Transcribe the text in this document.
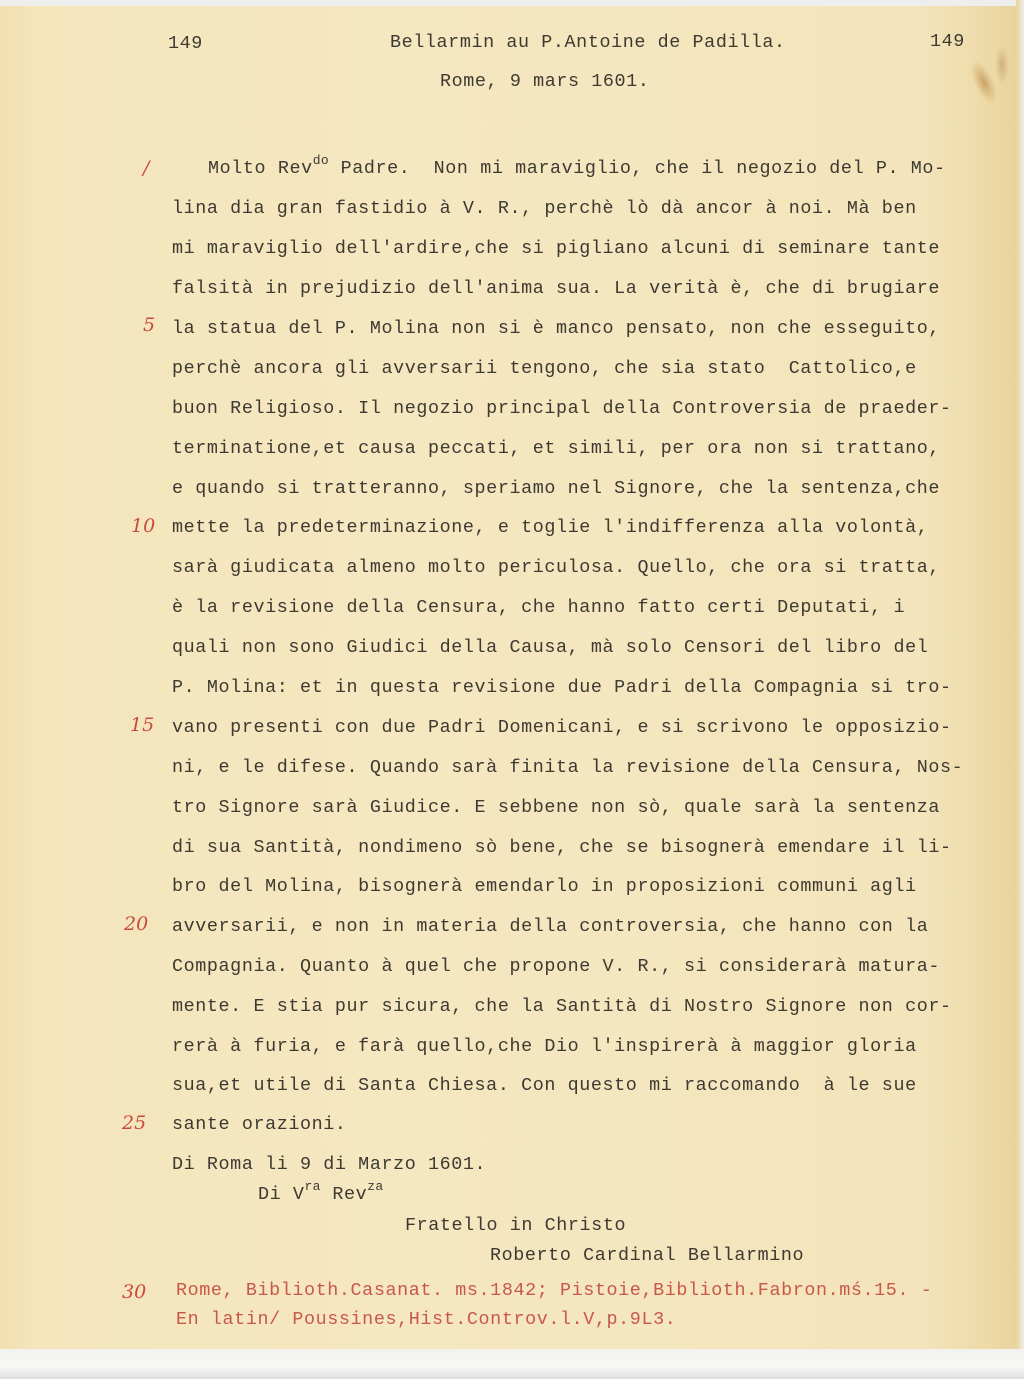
149	Bellarmin au P.Antoine de Padilla.	149
Rome, 9 mars 1601.
/
5
10
15
20
25
30
Molto Rev$^{do}$ Padre.  Non mi maraviglio, che il negozio del P. Mo-
lina dia gran fastidio à V. R., perchè lò dà ancor à noi. Mà ben
mi maraviglio dell'ardire,che si pigliano alcuni di seminare tante
falsità in prejudizio dell'anima sua. La verità è, che di brugiare
la statua del P. Molina non si è manco pensato, non che esseguito,
perchè ancora gli avversarii tengono, che sia stato  Cattolico,e
buon Religioso. Il negozio principal della Controversia de praeder-
terminatione,et causa peccati, et simili, per ora non si trattano,
e quando si tratteranno, speriamo nel Signore, che la sentenza,che
mette la predeterminazione, e toglie l'indifferenza alla volontà,
sarà giudicata almeno molto periculosa. Quello, che ora si tratta,
è la revisione della Censura, che hanno fatto certi Deputati, i
quali non sono Giudici della Causa, mà solo Censori del libro del
P. Molina: et in questa revisione due Padri della Compagnia si tro-
vano presenti con due Padri Domenicani, e si scrivono le opposizio-
ni, e le difese. Quando sarà finita la revisione della Censura, Nos-
tro Signore sarà Giudice. E sebbene non sò, quale sarà la sentenza
di sua Santità, nondimeno sò bene, che se bisognerà emendare il li-
bro del Molina, bisognerà emendarlo in proposizioni communi agli
avversarii, e non in materia della controversia, che hanno con la
Compagnia. Quanto à quel che propone V. R., si considerarà matura-
mente. E stia pur sicura, che la Santità di Nostro Signore non cor-
rerà à furia, e farà quello,che Dio l'inspirerà à maggior gloria
sua,et utile di Santa Chiesa. Con questo mi raccomando  à le sue
sante orazioni.
Di Roma li 9 di Marzo 1601.
Di $V^{ra}$ Rev$^{za}$
Fratello in Christo
Roberto Cardinal Bellarmino
Rome, Biblioth.Casanat. ms.1842; Pistoie,Biblioth.Fabron.mś.15. -
En latin/ Poussines,Hist.Controv.l.V,p.9L3.
